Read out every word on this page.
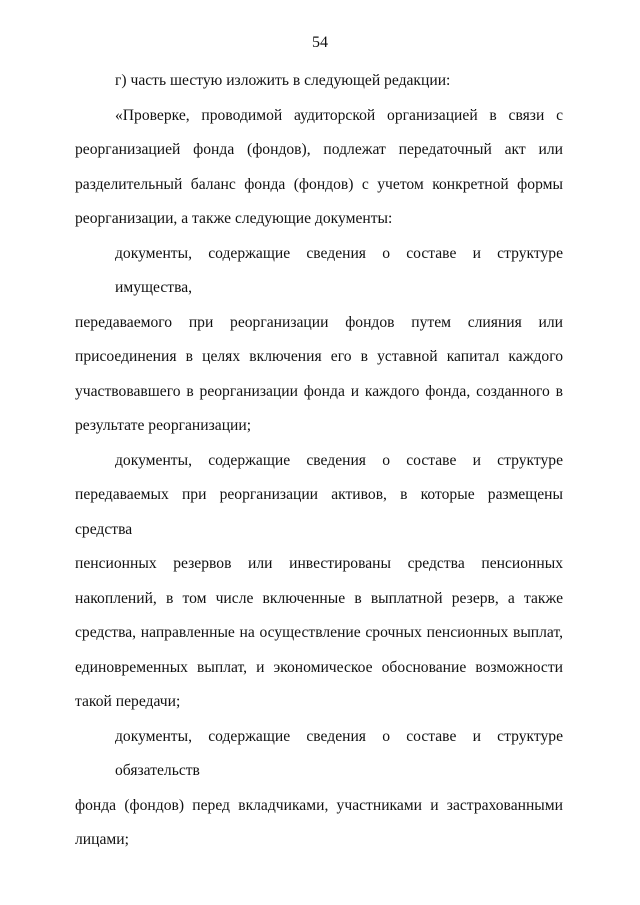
54
г) часть шестую изложить в следующей редакции:
«Проверке, проводимой аудиторской организацией в связи с
реорганизацией фонда (фондов), подлежат передаточный акт или
разделительный баланс фонда (фондов) с учетом конкретной формы
реорганизации, а также следующие документы:
документы, содержащие сведения о составе и структуре имущества,
передаваемого при реорганизации фондов путем слияния или
присоединения в целях включения его в уставной капитал каждого
участвовавшего в реорганизации фонда и каждого фонда, созданного в
результате реорганизации;
документы, содержащие сведения о составе и структуре
передаваемых при реорганизации активов, в которые размещены средства
пенсионных резервов или инвестированы средства пенсионных
накоплений, в том числе включенные в выплатной резерв, а также
средства, направленные на осуществление срочных пенсионных выплат,
единовременных выплат, и экономическое обоснование возможности
такой передачи;
документы, содержащие сведения о составе и структуре обязательств
фонда (фондов) перед вкладчиками, участниками и застрахованными
лицами;
